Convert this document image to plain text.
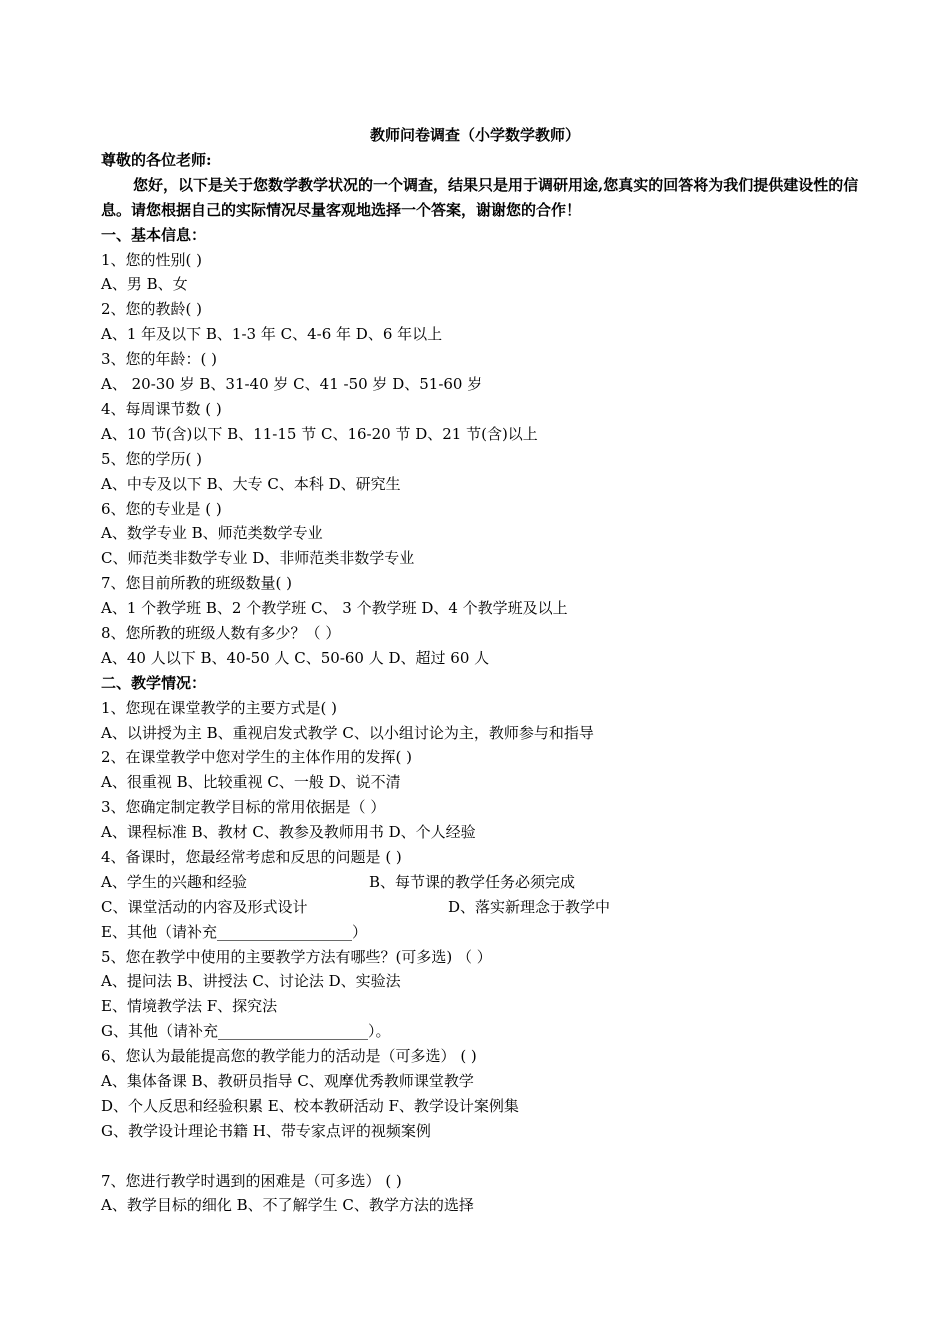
教师问卷调查（小学数学教师）
尊敬的各位老师:
您好，以下是关于您数学教学状况的一个调查，结果只是用于调研用途,您真实的回答将为我们提供建设性的信息。请您根据自己的实际情况尽量客观地选择一个答案，谢谢您的合作！
一、基本信息：
1、您的性别( )
A、男 B、女
2、您的教龄( )
A、1 年及以下 B、1-3 年 C、4-6 年 D、6 年以上
3、您的年龄：( )
A、 20-30 岁 B、31-40 岁 C、41 -50 岁 D、51-60 岁
4、每周课节数 ( )
A、10 节(含)以下 B、11-15 节 C、16-20 节 D、21 节(含)以上
5、您的学历( )
A、中专及以下 B、大专 C、本科 D、研究生
6、您的专业是 ( )
A、数学专业 B、师范类数学专业
C、师范类非数学专业 D、非师范类非数学专业
7、您目前所教的班级数量( )
A、1 个教学班 B、2 个教学班 C、 3 个教学班 D、4 个教学班及以上
8、您所教的班级人数有多少？（ ）
A、40 人以下 B、40-50 人 C、50-60 人 D、超过 60 人
二、教学情况：
1、您现在课堂教学的主要方式是( )
A、以讲授为主 B、重视启发式教学 C、以小组讨论为主，教师参与和指导
2、在课堂教学中您对学生的主体作用的发挥( )
A、很重视 B、比较重视 C、一般 D、说不清
3、您确定制定教学目标的常用依据是（ ）
A、课程标准 B、教材 C、教参及教师用书 D、个人经验
4、备课时，您最经常考虑和反思的问题是 ( )
A、学生的兴趣和经验	B、每节课的教学任务必须完成
C、课堂活动的内容及形式设计	D、落实新理念于教学中
E、其他（请补充__________________）
5、您在教学中使用的主要教学方法有哪些？(可多选) （ ）
A、提问法 B、讲授法 C、讨论法 D、实验法
E、情境教学法 F、探究法
G、其他（请补充____________________）。
6、您认为最能提高您的教学能力的活动是（可多选） ( )
A、集体备课 B、教研员指导 C、观摩优秀教师课堂教学
D、个人反思和经验积累 E、校本教研活动 F、教学设计案例集
G、教学设计理论书籍 H、带专家点评的视频案例
7、您进行教学时遇到的困难是（可多选） ( )
A、教学目标的细化 B、不了解学生 C、教学方法的选择
